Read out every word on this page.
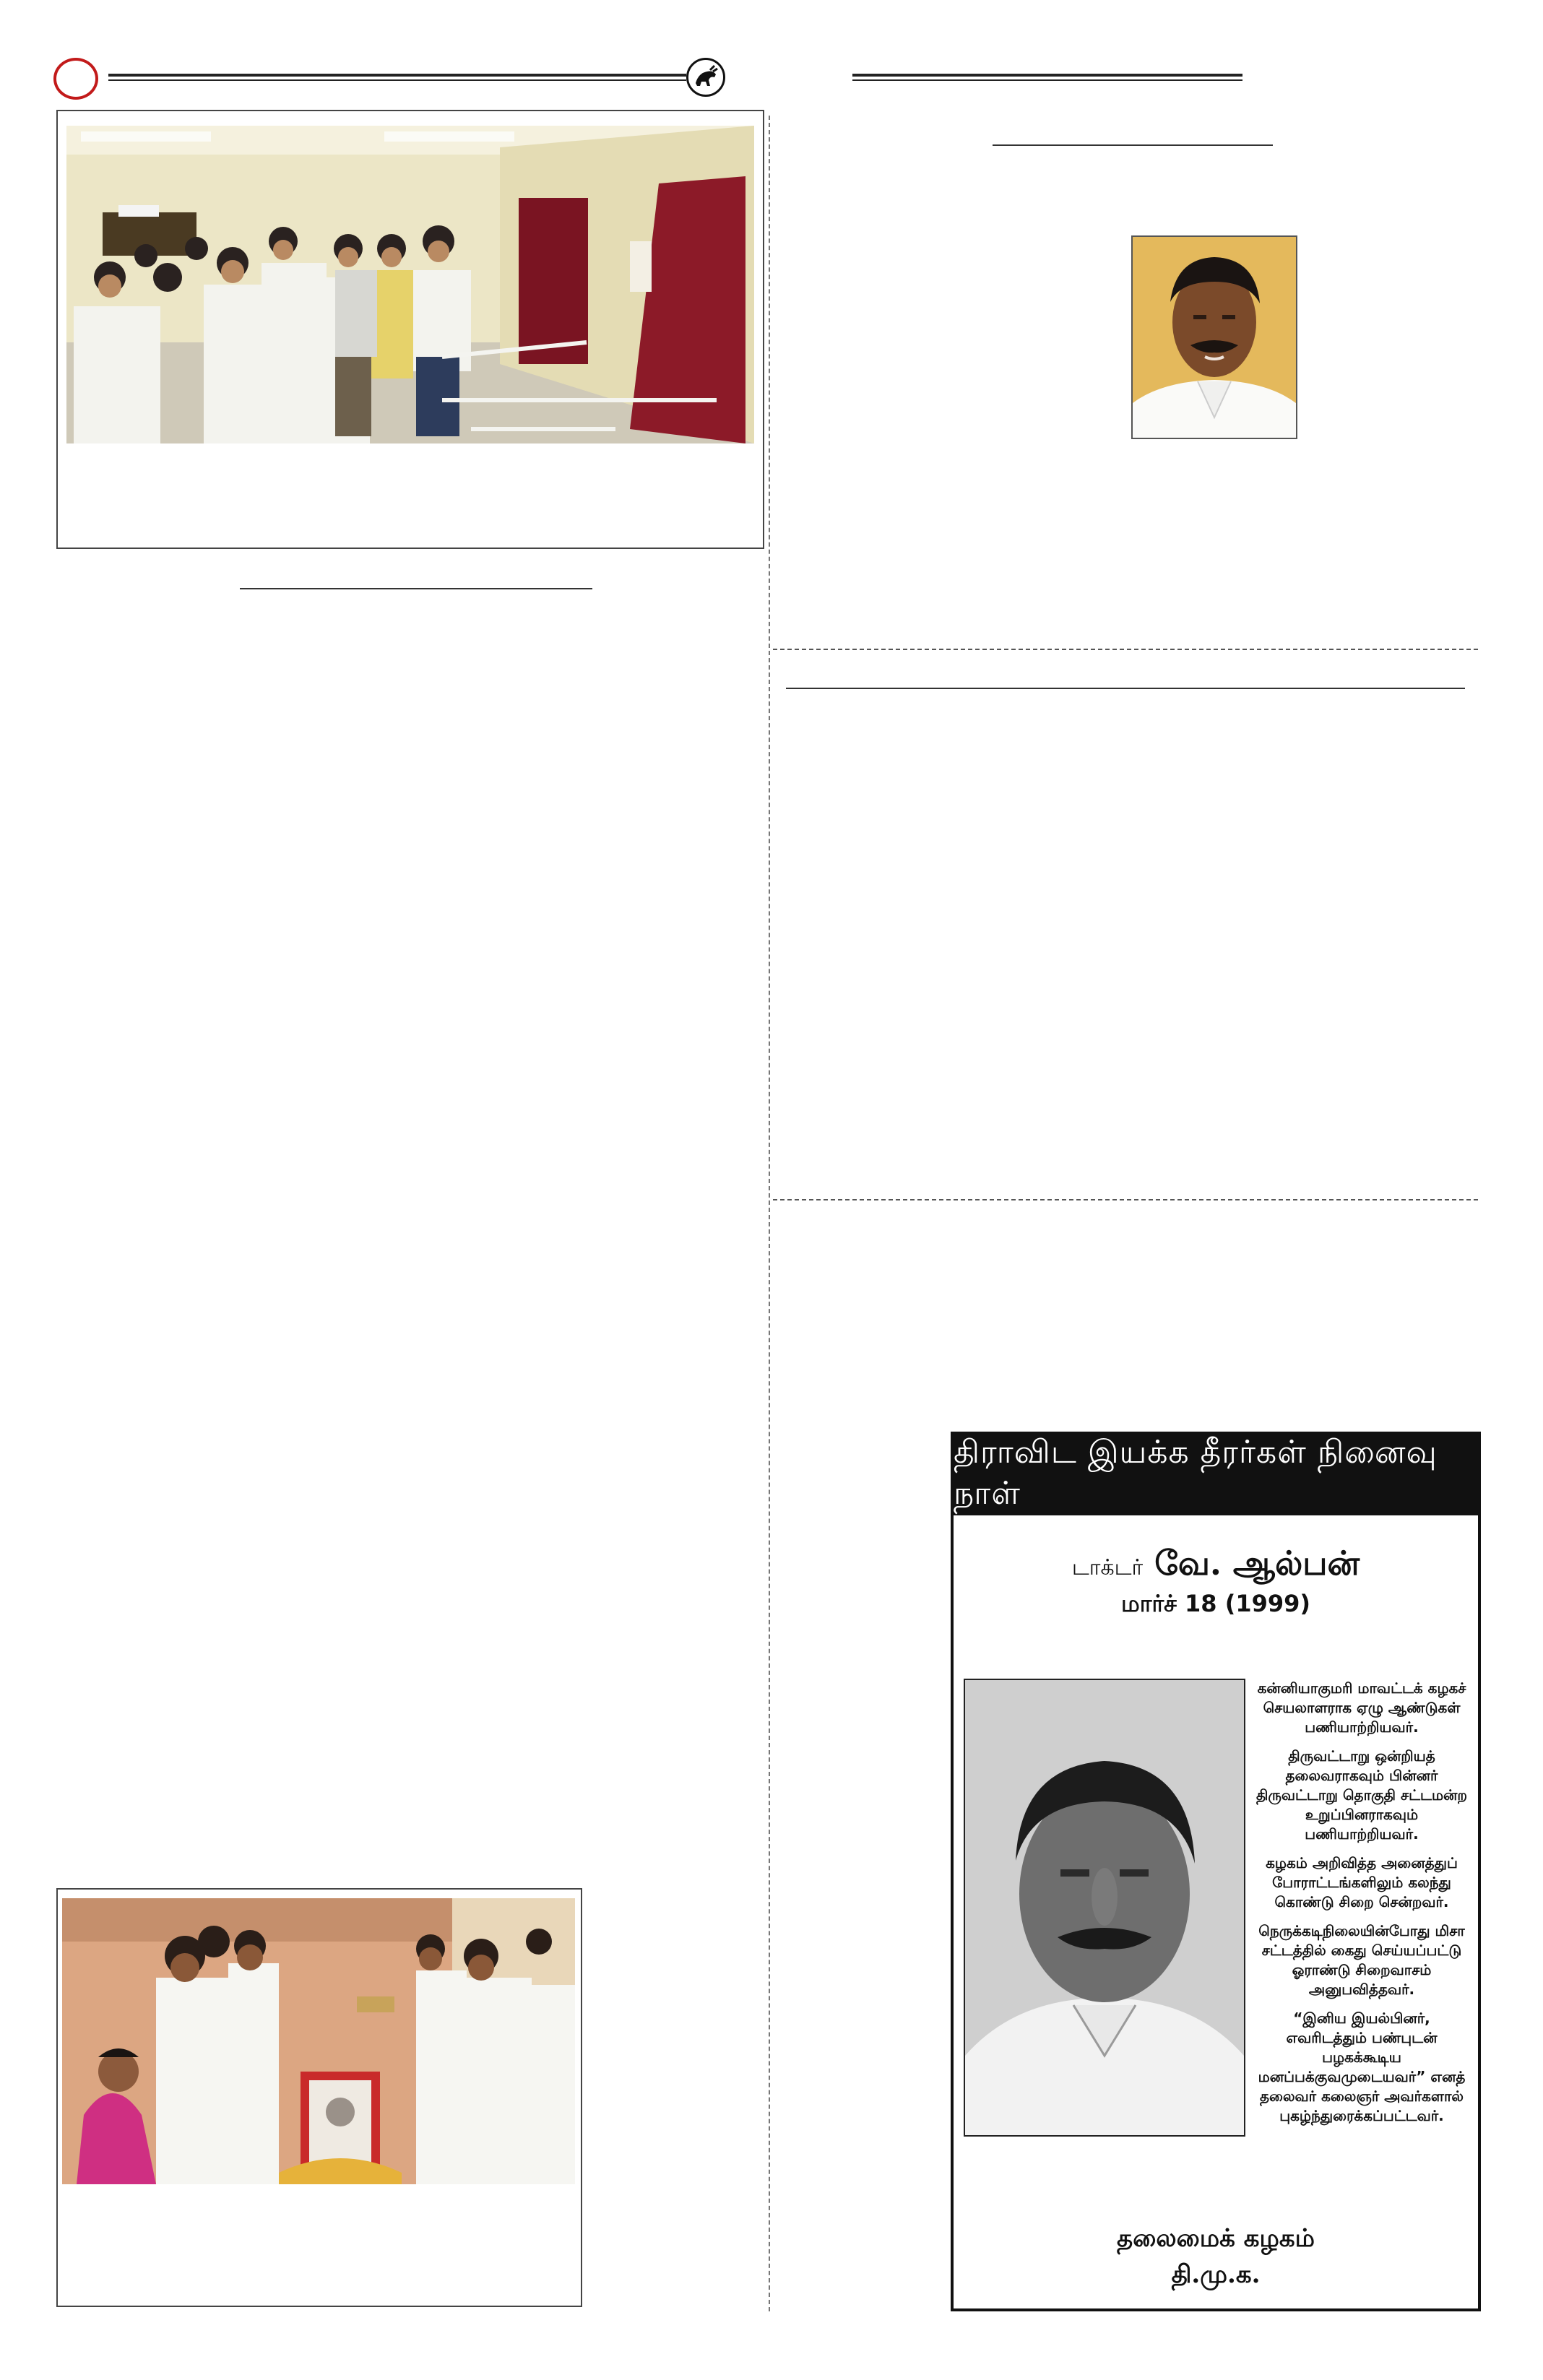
திராவிட இயக்க தீரர்கள் நினைவு நாள்
டாக்டர் வே. ஆல்பன்
மார்ச் 18 (1999)

கன்னியாகுமரி மாவட்டக் கழகச் செயலாளராக ஏழு ஆண்டுகள் பணியாற்றியவர்.

திருவட்டாறு ஒன்றியத் தலைவராகவும் பின்னர் திருவட்டாறு தொகுதி சட்டமன்ற உறுப்பினராகவும் பணியாற்றியவர்.

கழகம் அறிவித்த அனைத்துப் போராட்டங்களிலும் கலந்து கொண்டு சிறை சென்றவர்.

நெருக்கடிநிலையின்போது மிசா சட்டத்தில் கைது செய்யப்பட்டு ஓராண்டு சிறைவாசம் அனுபவித்தவர்.

“இனிய இயல்பினர், எவரிடத்தும் பண்புடன் பழகக்கூடிய மனப்பக்குவமுடையவர்” எனத் தலைவர் கலைஞர் அவர்களால் புகழ்ந்துரைக்கப்பட்டவர்.

தலைமைக் கழகம்
தி.மு.க.
